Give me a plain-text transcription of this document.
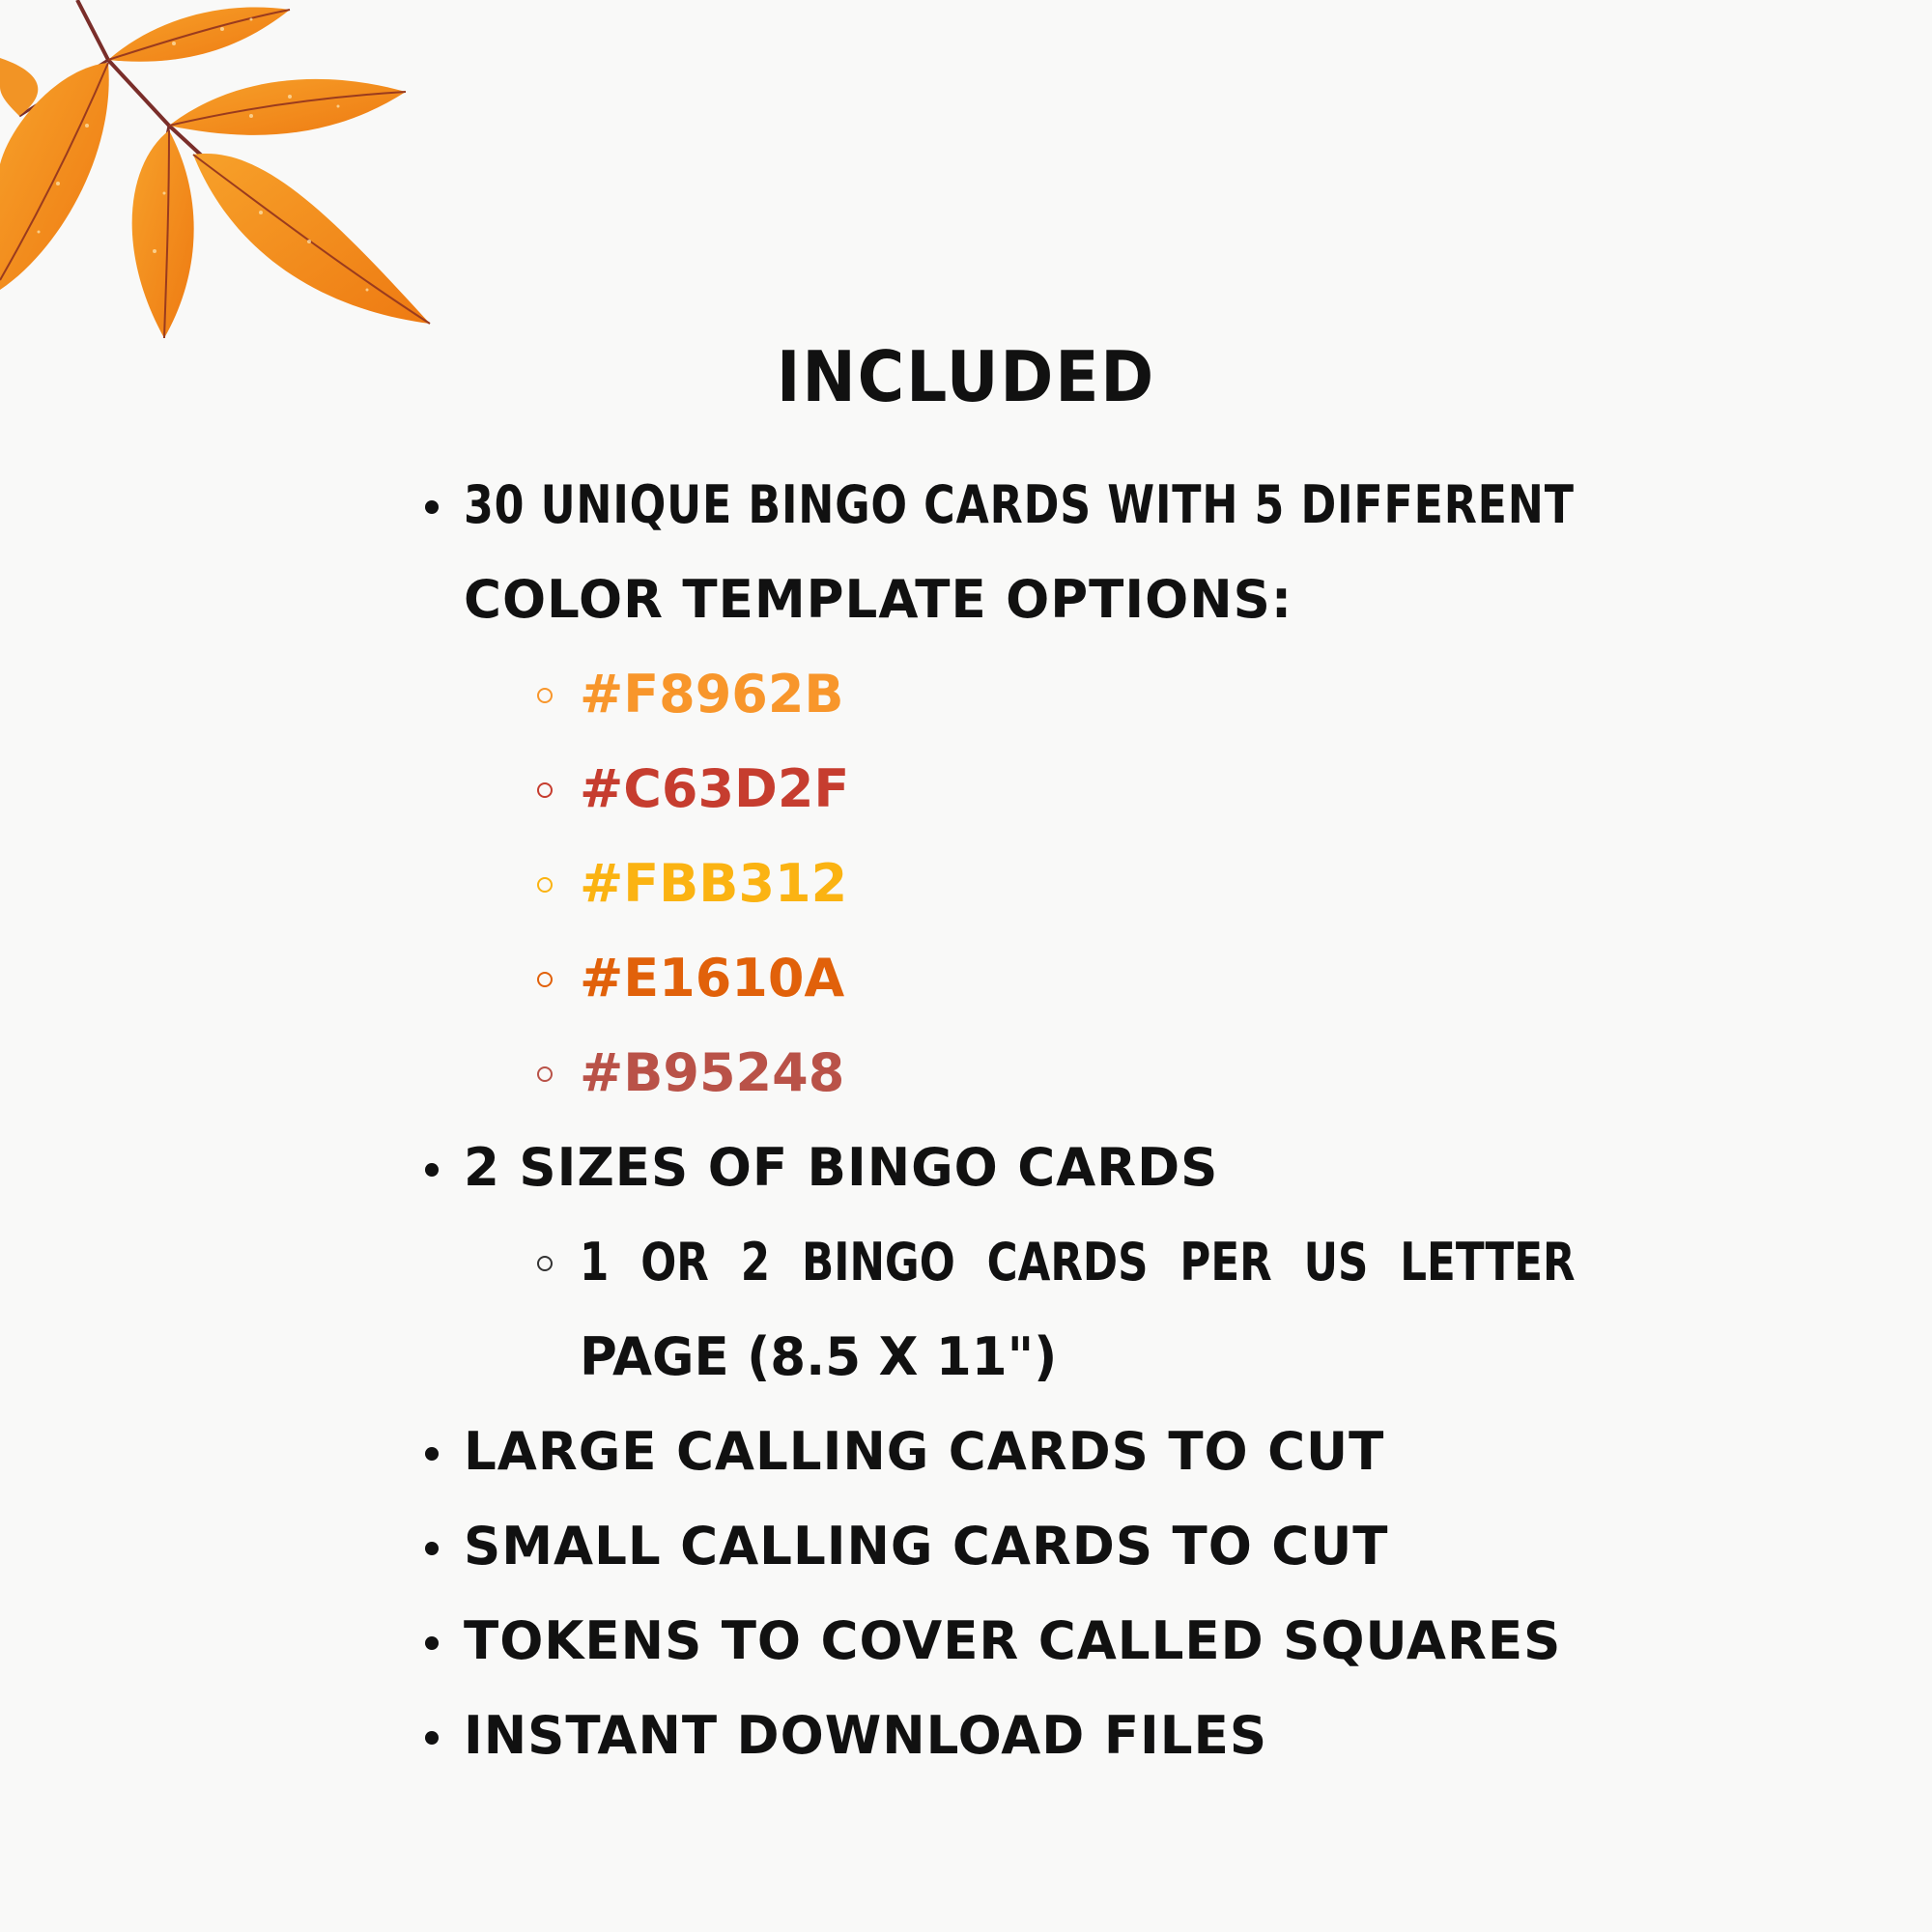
INCLUDED
30 UNIQUE BINGO CARDS WITH 5 DIFFERENT
COLOR TEMPLATE OPTIONS:
#F8962B
#C63D2F
#FBB312
#E1610A
#B95248
2 SIZES OF BINGO CARDS
1 OR 2 BINGO CARDS PER US LETTER
PAGE (8.5 X 11")
LARGE CALLING CARDS TO CUT
SMALL CALLING CARDS TO CUT
TOKENS TO COVER CALLED SQUARES
INSTANT DOWNLOAD FILES
